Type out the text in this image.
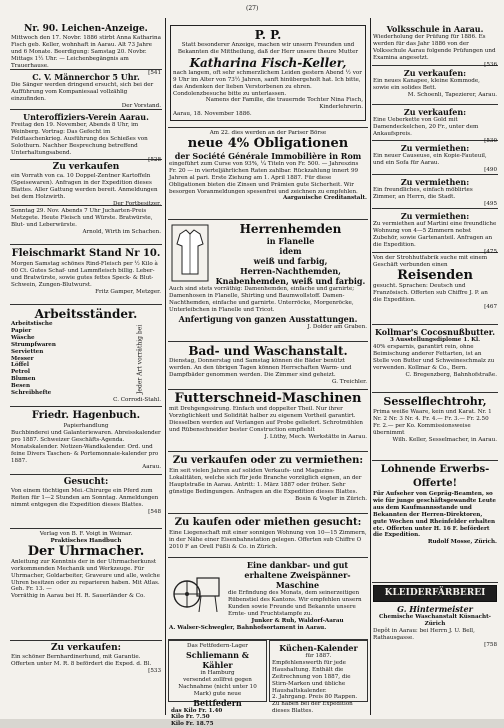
(27)
Nr. 90. Leichen-Anzeige.
Mittwoch den 17. Novbr. 1886 stirbt Anna Katharina Fisch geb. Keller, wohnhaft in Aarau. Alt 73 Jahre und 6 Monate. Beerdigung: Samstag 20. Novbr. Mittags 1½ Uhr. — Leichenbegängnis am Trauerhause.
[541
C. V. Männerchor 5 Uhr.
Die Sänger werden dringend ersucht, sich bei der Aufführung vom Kompaniesaal vollzählig einzufinden.
Der Vorstand.
Unteroffiziers-Verein Aarau.
Freitag den 19. November, Abends 8 Uhr, im Weinberg. Vortrag: Das Gefecht im Feldtaschenkrieg. Ausführung des Schießes von Solothurn. Nachher Besprechung betreffend Unterhaltungsabend.
[528
Zu verkaufen
ein Vorrath von ca. 10 Doppel-Zentner Kartoffeln (Speisewaren). Anfragen in der Expedition dieses Blattes. Aller Gattung werden bereit. Anmeldungen bei dem Holzwirth.
Der Fortbesitzer.
Sonntag 29. Nov. Abends 7 Uhr Jucharten-Preis Metzgete. Heute Fleisch und Würste. Bratwürste, Blut- und Leberwürste.
Arnold, Wirth im Schachen.
Fleischmarkt Stand Nr 10.
Morgen Samstag schönes Rind-Fleisch per ½ Kilo à 60 Ct. Gutes Schaf- und Lammfleisch billig. Leber- und Bratwürste, sowie gutes fettes Speck- & Blut-Schwein, Zungen-Blutwurst.
Fritz Gamper, Metzger.
Arbeitsständer.
Arbeitstische
Papier
Wäsche
Strumpfwaren
Servietten
Messer
Löffel
Petrol
Blumen
Besen
Schreibhefte	Jeder Art vorräthig bei
C. Corrodi-Stahl.
Friedr. Hagenbuch.
Papierhandlung
Buchbinderei und Galanteriewaren. Abreisskalender pro 1887. Schweizer Geschäfts-Agenda. Monatskalender. Notizen-Wandkalender. Ord. und feine Divers Taschen- & Portemonnaie-kalender pro 1887.
Aarau.
Gesucht:
Von einem tüchtigen Mei.-Chirurge ein Pferd zum Reiten für 1—2 Stunden am Sonntag. Anmeldungen nimmt entgegen die Expedition dieses Blattes.
[548
Verlag von B. F. Voigt in Weimar.
Praktisches Handbuch
Der Uhrmacher.
Anleitung zur Kenntnis der in der Uhrmacherkunst vorkommenden Mechanik und Werkzeuge. Für Uhrmacher, Goldarbeiter, Graveure und alle, welche Uhren besitzen oder zu reparieren haben. Mit Atlas. Geh. Fr. 13. —
Vorräthig in Aarau bei H. R. Sauerländer & Co.
Zu verkaufen:
Ein schöner Bernhardinerhund, mit Garantie. Offerten unter M. R. 8 befördert die Exped. d. Bl.
[533
P. P.
Statt besonderer Anzeige, machen wir unsern Freunden und Bekannten die Mittheilung, daß der Herr unsere theure Mutter
Katharina Fisch-Keller,
nach langem, oft sehr schmerzlichem Leiden gestern Abend ½ vor 9 Uhr im Alter von 73½ Jahren, sanft hinübergeholt hat. Ich bitte, das Andenken der lieben Verstorbenen zu ehren. Condolenzbesuche bitte zu unterlassen.
Namens der Familie, die trauernde Tochter Nina Fisch, Kinderlehrerin.
Aarau, 18. November 1886.
Am 22. dies werden an der Pariser Börse
neue 4% Obligationen
der Société Générale Immobilière in Rom
eingeführt zum Curse von 93%, ¼ Titeln von Fr. 500. — Jahreszins Fr. 20 — in vierteljährlichen Raten zahlbar. Rückzahlung innert 99 Jahren al pari. Erste Ziehung am 1. April 1887. Für diese Obligationen bieten die Zinsen und Prämien gute Sicherheit. Wir besorgen Voranmeldungen spesenfrei und zeichnen zu empfehlen.
Aargauische Creditanstalt.
Herrenhemden
in Flanelle
idem
weiß und farbig,
Herren-Nachthemden,
Knabenhemden, weiß und farbig.
Auch sind stets vorräthig: Damenhemden, einfache und garnirte; Damenhosen in Flanelle, Shirting und Baumwollstoff. Damen-Nachthemden, einfache und garnirte. Unterröcke, Morgenröcke, Unterleibchen in Flanelle und Tricot.
Anfertigung von ganzen Ausstattungen.
J. Dolder am Graben.
Bad- und Waschanstalt.
Dienstag, Donnerstag und Samstag können die Bäder benützt werden. An den übrigen Tagen können Herrschaften Warm- und Dampfbäder genommen werden. Die Zimmer sind geheizt.
G. Treichler.
Futterschneid-Maschinen
mit Drehgengssirung. Einfach und doppelter Theil. Nur ihrer Vorzüglichkeit und Solidität halber zu eigenem Vortheil garantirt. Diesselben werden auf Verlangen auf Probe geliefert. Schrotmühlen und Rübenschneider bester Construction empfiehlt
J. Lüthy, Mech. Werkstätte in Aarau.
Zu verkaufen oder zu vermiethen:
Ein seit vielen Jahren auf soliden Verkaufs- und Magazins-Lokalitäten, welche sich für jede Branche vorzüglich eignen, an der Hauptstraße in Aarau. Antritt: 1. März 1887 oder früher. Sehr günstige Bedingungen. Anfragen an die Expedition dieses Blattes.
Bosin & Vogler in Zürich.
Zu kaufen oder miethen gesucht:
Eine Liegenschaft mit einer sonnigen Wohnung von 10—15 Zimmern, in der Nähe einer Eisenbahnstation gelegen. Offerten sub Chiffre O 2010 F an Orell Füßli & Co. in Zürich.
Eine dankbar- und gut erhaltene Zweispänner-Maschine
die Erfindung des Monats, dem seinerzeitigen Rübenstiel des Kantons. Wir empfehlen unsern Kunden sowie Freunde und Bekannte unsere Ernte- und Fruchtstampfe zu.
Junker & Ruh, Waldorf-Aarau
A. Walser-Schwegler, Bahnhofsortament in Aarau.
Das Fettfedern-Lager
Schliemann & Kähler
in Hamburg
versendet zollfrei gegen Nachnahme (nicht unter 10 Mark) gute neue
Bettfedern
das Kilo Fr. 1.40
Kilo Fr. 7.50
Kilo Fr. 18.75
Küchen-Kalender
für 1887.
Empfehlenswerth für jede Haushaltung. Enthält die Zeitrechnung von 1887, die Stirn-Marken und übliche Haushaltskalender.
2. Jahrgang. Preis 80 Rappen. Zu haben bei der Expedition dieses Blattes.
Volksschule in Aarau.
Wiederholung der Prüfung für 1886. Es werden für das Jahr 1886 von der Volksschule Aarau folgende Prüfungen und Examina angesetzt.
[536
Zu verkaufen:
Ein neues Kanapee, kleine Kommode, sowie ein solides Bett.
M. Schoenli, Tapezierer, Aarau.
Zu verkaufen:
Eine Ueberkette von Gold mit Damendeckelchen, 20 Fr., unter dem Ankaufspreis.
[530
Zu vermiethen:
Ein neuer Causeuse, ein Kopie-Fauteuil, und ein Sofa für Aarau.
[490
Zu vermiethen:
Ein freundliches, einfach möblirtes Zimmer, an Herrn, die Stadt.
[495
Zu vermiethen:
Zu vermiethen auf Martini eine freundliche Wohnung von 4—5 Zimmern nebst Zubehör, sowie Gartenanteil. Anfragen an die Expedition.
[475
Von der Strohhutfabrik suche mit einem Geschäft verbunden einen
Reisenden
gesucht. Sprachen: Deutsch und Französisch. Offerten sub Chiffre J. P. an die Expedition.
[467
Kollmar's Cocosnußbutter.
3 Ausstellungsdiplome 1. Kl.
40% ersparnis, garantirt rein, ohne Beimischung anderer Fettarten, ist an Stelle von Butter und Schweineschmalz zu verwenden. Kollmar & Co., Bern.
C. Bregenzberg, Bahnhofstraße.
Sesselflechtrohr,
Prima weiße Waare, kein und Karat. Nr. 1 Nr. 2 Nr. 3 Nr. 4. Fr. 4.— Fr. 3.— Fr. 2.50 Fr. 2.— per Ko. Kommissionsweise übernimmt
Wilh. Keller, Sesselmacher, in Aarau.
Lohnende Erwerbs-Offerte!
Für Aufseher von Gepräg-Beamten, so wie für junge geschäftsgewandte Leute aus dem Kaufmannsstande und Bekannten der Herren-Direktoren, gute Wochen und Rheinfelder erhalten etc. Offerten unter H. 16 F. befördert die Expedition.
Rudolf Mosse, Zürich.
KLEIDERFÄRBEREI
G. Hintermeister
Chemische Waschanstalt Küsnacht-Zürich
Depôt in Aarau: bei Herrn J. U. Bell, Rathausgasse.
[758
